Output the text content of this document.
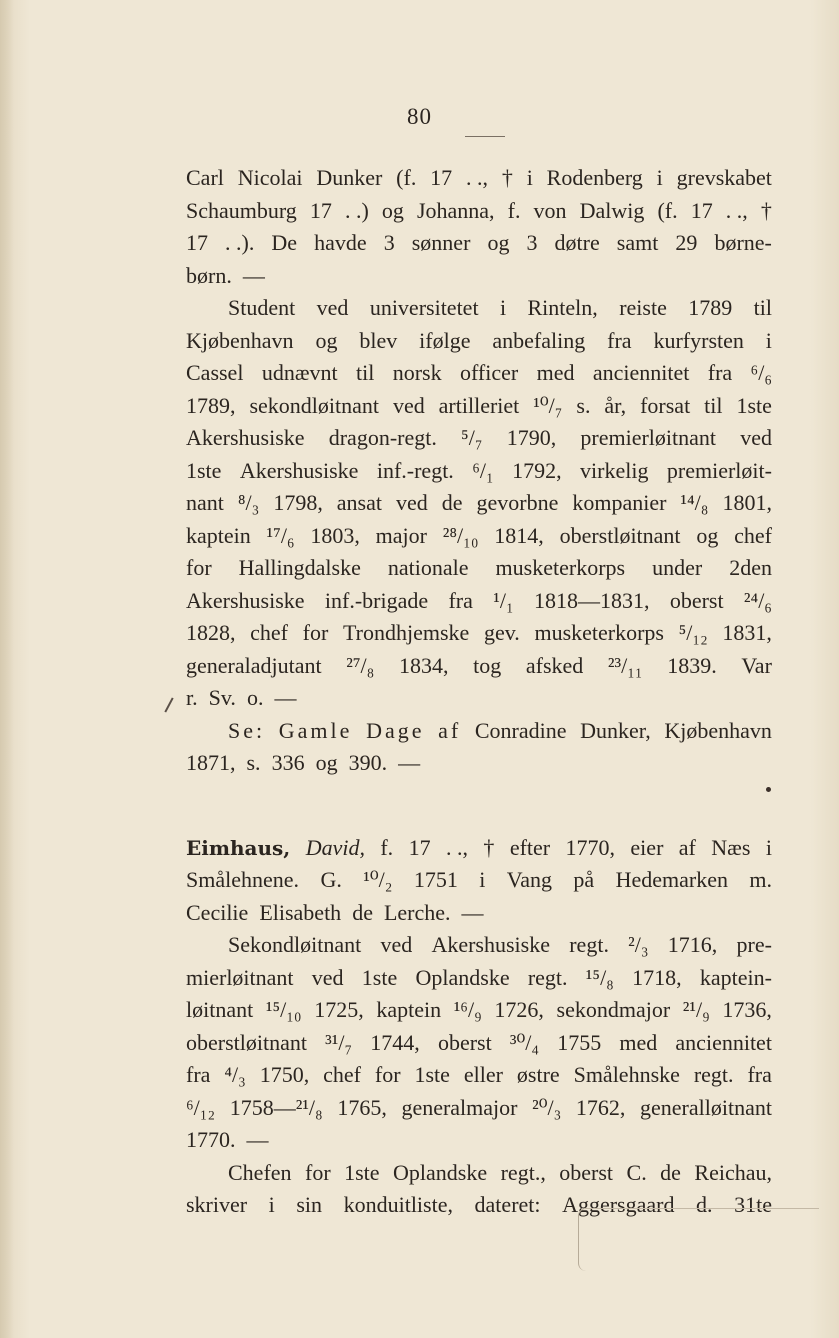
80
Carl Nicolai Dunker (f. 17 . ., † i Rodenberg i grevskabet
Schaumburg 17 . .) og Johanna, f. von Dalwig (f. 17 . ., †
17 . .). De havde 3 sønner og 3 døtre samt 29 børne-
børn. —
Student ved universitetet i Rinteln, reiste 1789 til
Kjøbenhavn og blev ifølge anbefaling fra kurfyrsten i
Cassel udnævnt til norsk officer med anciennitet fra ⁶/₆
1789, sekondløitnant ved artilleriet ¹⁰/₇ s. år, forsat til 1ste
Akershusiske dragon-regt. ⁵/₇ 1790, premierløitnant ved
1ste Akershusiske inf.-regt. ⁶/₁ 1792, virkelig premierløit-
nant ⁸/₃ 1798, ansat ved de gevorbne kompanier ¹⁴/₈ 1801,
kaptein ¹⁷/₆ 1803, major ²⁸/₁₀ 1814, oberstløitnant og chef
for Hallingdalske nationale musketerkorps under 2den
Akershusiske inf.-brigade fra ¹/₁ 1818—1831, oberst ²⁴/₆
1828, chef for Trondhjemske gev. musketerkorps ⁵/₁₂ 1831,
generaladjutant ²⁷/₈ 1834, tog afsked ²³/₁₁ 1839. Var
r. Sv. o. —
Se: Gamle Dage af Conradine Dunker, Kjøbenhavn
1871, s. 336 og 390. —
Eimhaus, David, f. 17 . ., † efter 1770, eier af Næs i
Smålehnene. G. ¹⁰/₂ 1751 i Vang på Hedemarken m.
Cecilie Elisabeth de Lerche. —
Sekondløitnant ved Akershusiske regt. ²/₃ 1716, pre-
mierløitnant ved 1ste Oplandske regt. ¹⁵/₈ 1718, kaptein-
løitnant ¹⁵/₁₀ 1725, kaptein ¹⁶/₉ 1726, sekondmajor ²¹/₉ 1736,
oberstløitnant ³¹/₇ 1744, oberst ³⁰/₄ 1755 med anciennitet
fra ⁴/₃ 1750, chef for 1ste eller østre Smålehnske regt. fra
⁶/₁₂ 1758—²¹/₈ 1765, generalmajor ²⁰/₃ 1762, generalløitnant
1770. —
Chefen for 1ste Oplandske regt., oberst C. de Reichau,
skriver i sin konduitliste, dateret: Aggersgaard d. 31te
